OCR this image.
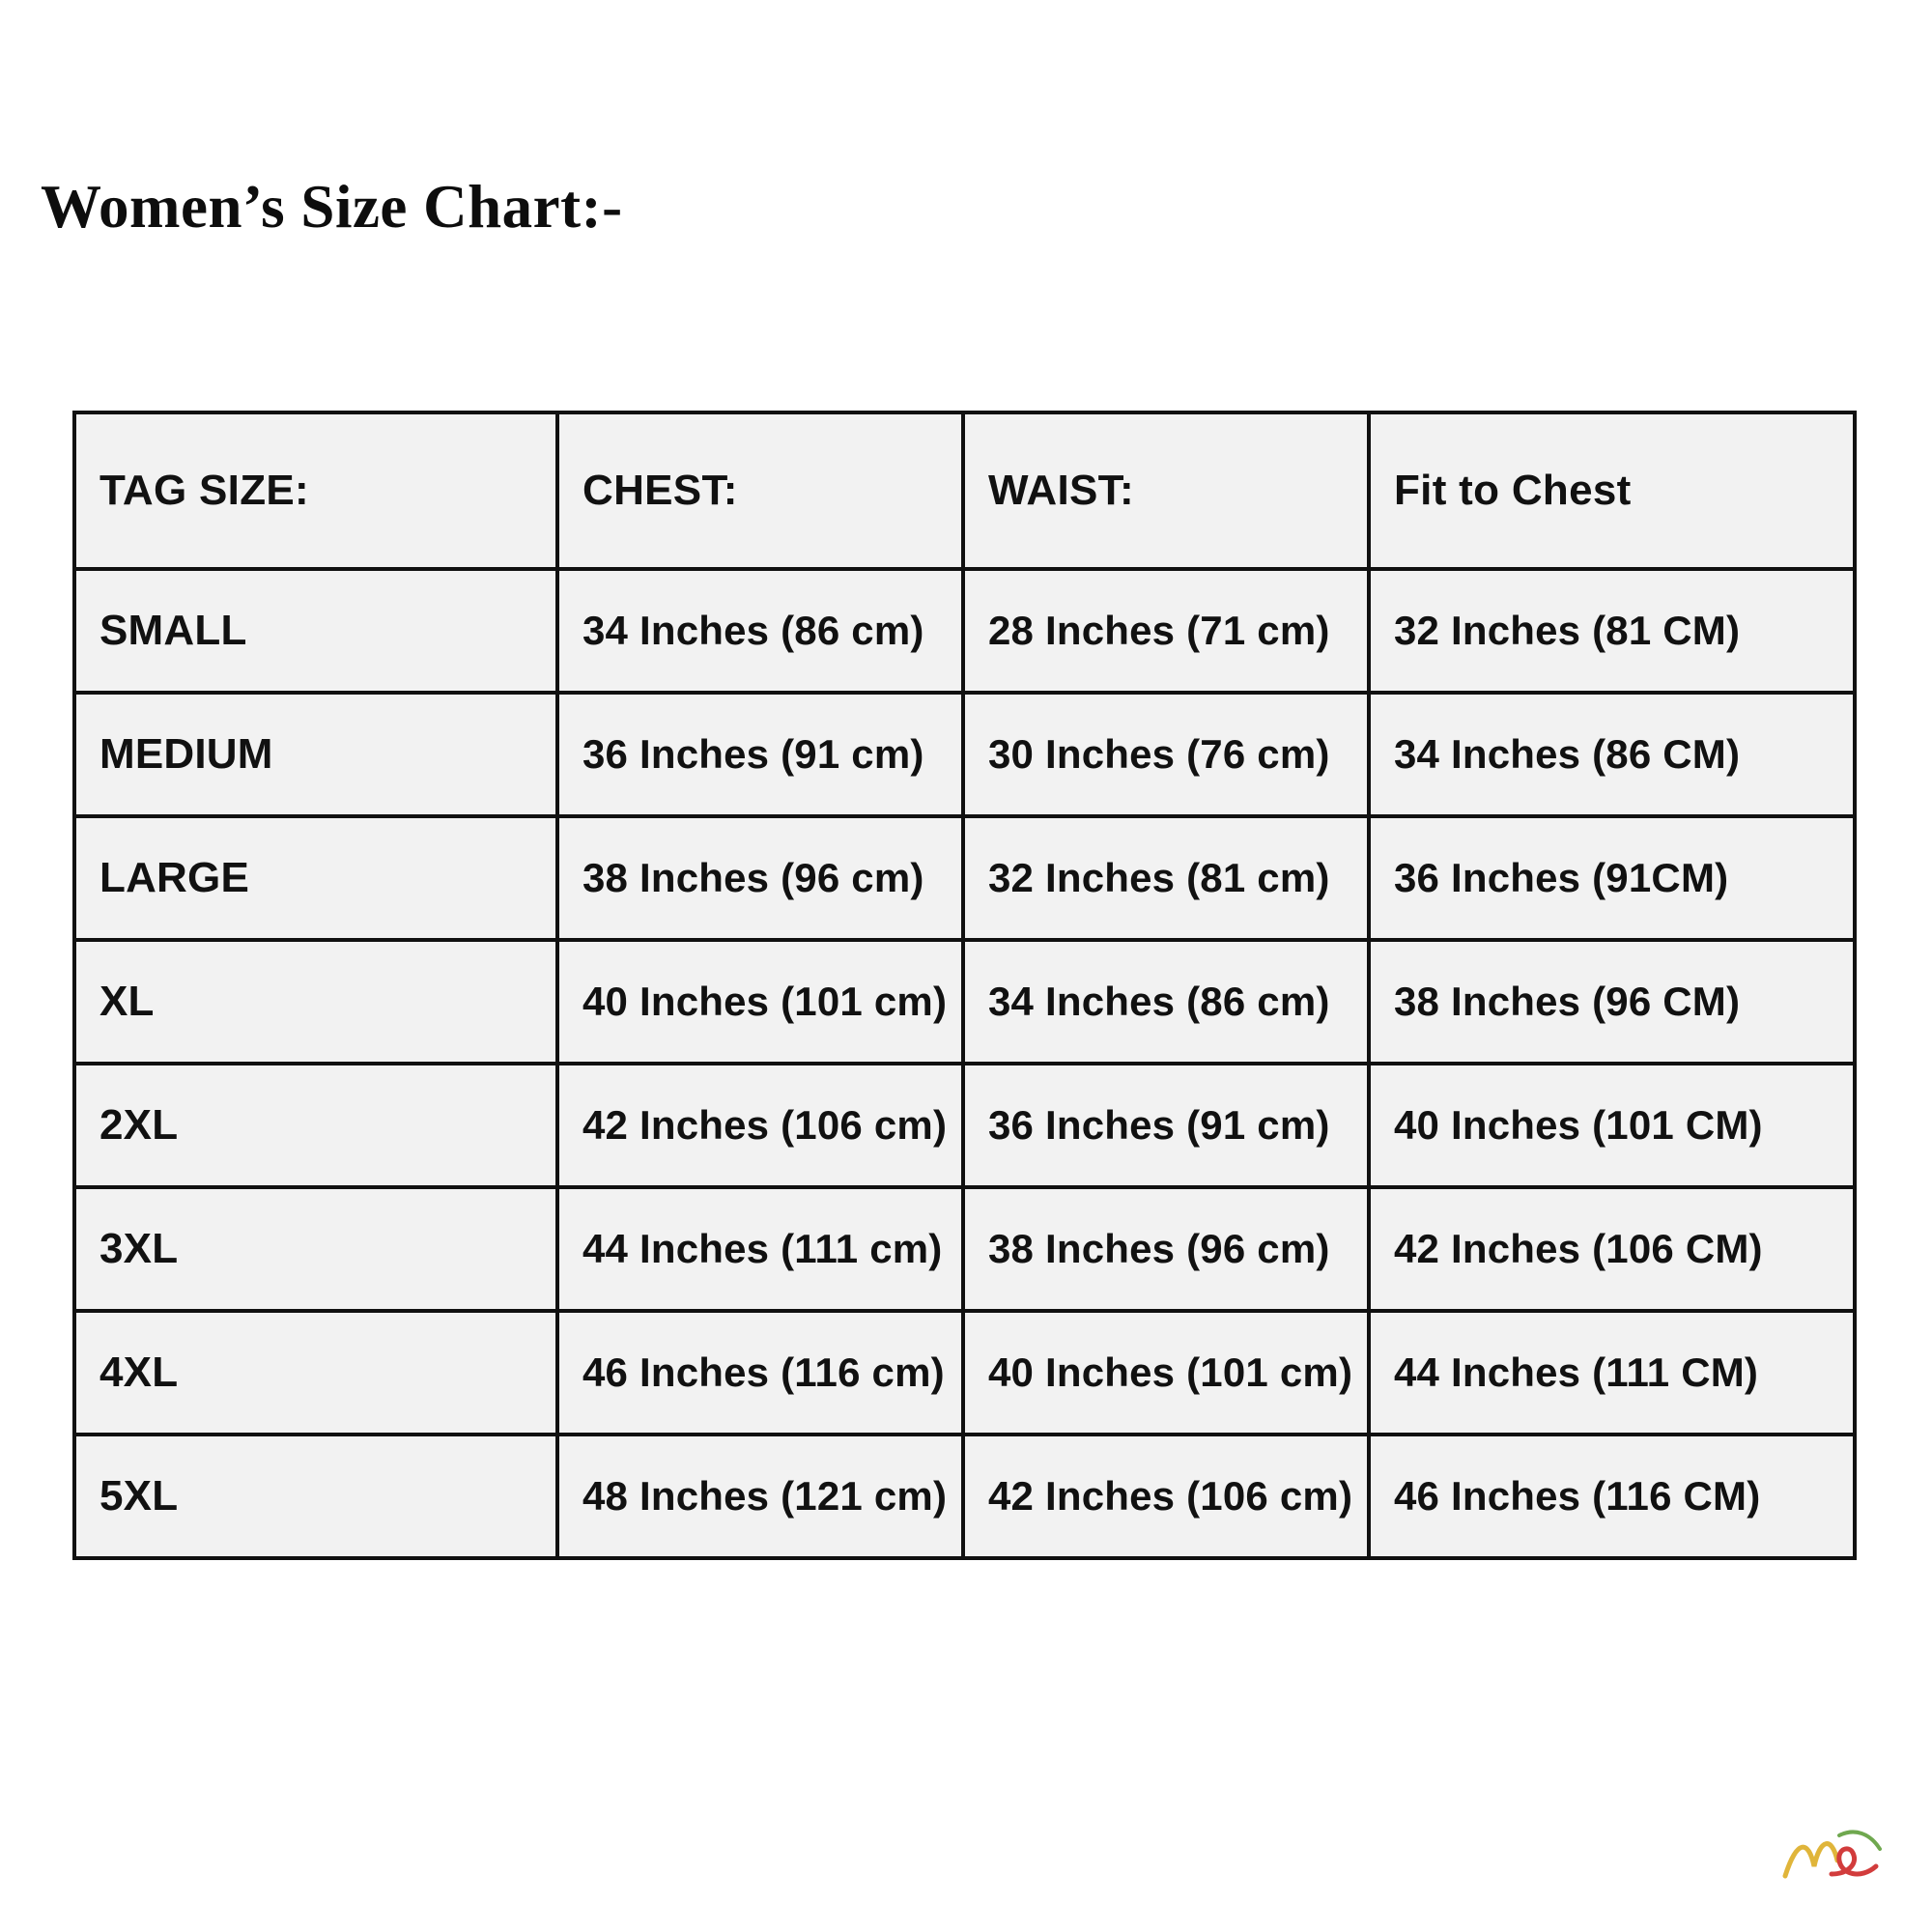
Women’s Size Chart:-
TAG SIZE:	CHEST:	WAIST:	Fit to Chest
SMALL	34 Inches (86 cm)	28 Inches (71 cm)	32 Inches (81 CM)
MEDIUM	36 Inches (91 cm)	30 Inches (76 cm)	34 Inches (86 CM)
LARGE	38 Inches (96 cm)	32 Inches (81 cm)	36 Inches (91CM)
XL	40 Inches (101 cm)	34 Inches (86 cm)	38 Inches (96 CM)
2XL	42 Inches (106 cm)	36 Inches (91 cm)	40 Inches (101 CM)
3XL	44 Inches (111 cm)	38 Inches (96 cm)	42 Inches (106 CM)
4XL	46 Inches (116 cm)	40 Inches (101 cm)	44 Inches (111 CM)
5XL	48 Inches (121 cm)	42 Inches (106 cm)	46 Inches (116 CM)
